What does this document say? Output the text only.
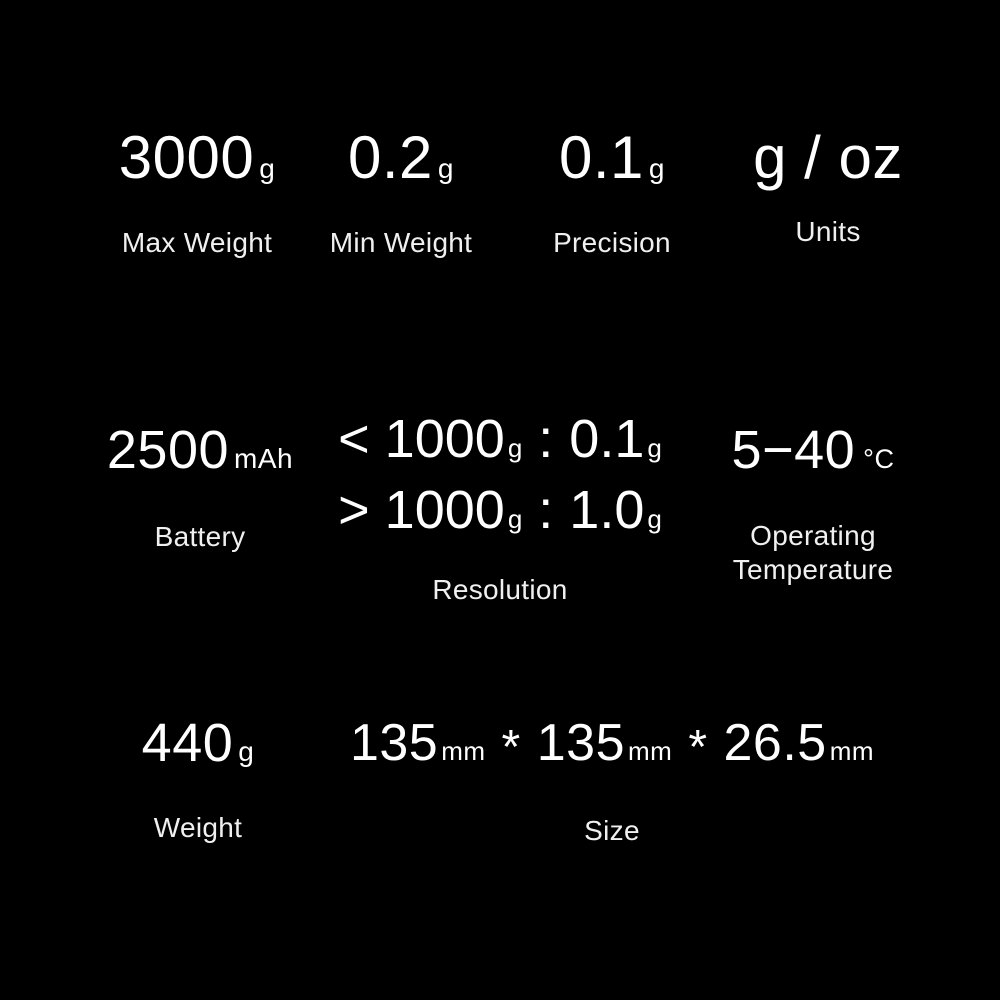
3000 g
Max Weight
0.2 g
Min Weight
0.1 g
Precision
g / oz
Units
2500 mAh
Battery
< 1000 g : 0.1 g
> 1000 g : 1.0 g
Resolution
5−40 °C
Operating
Temperature
440 g
Weight
135 mm * 135 mm * 26.5 mm
Size
